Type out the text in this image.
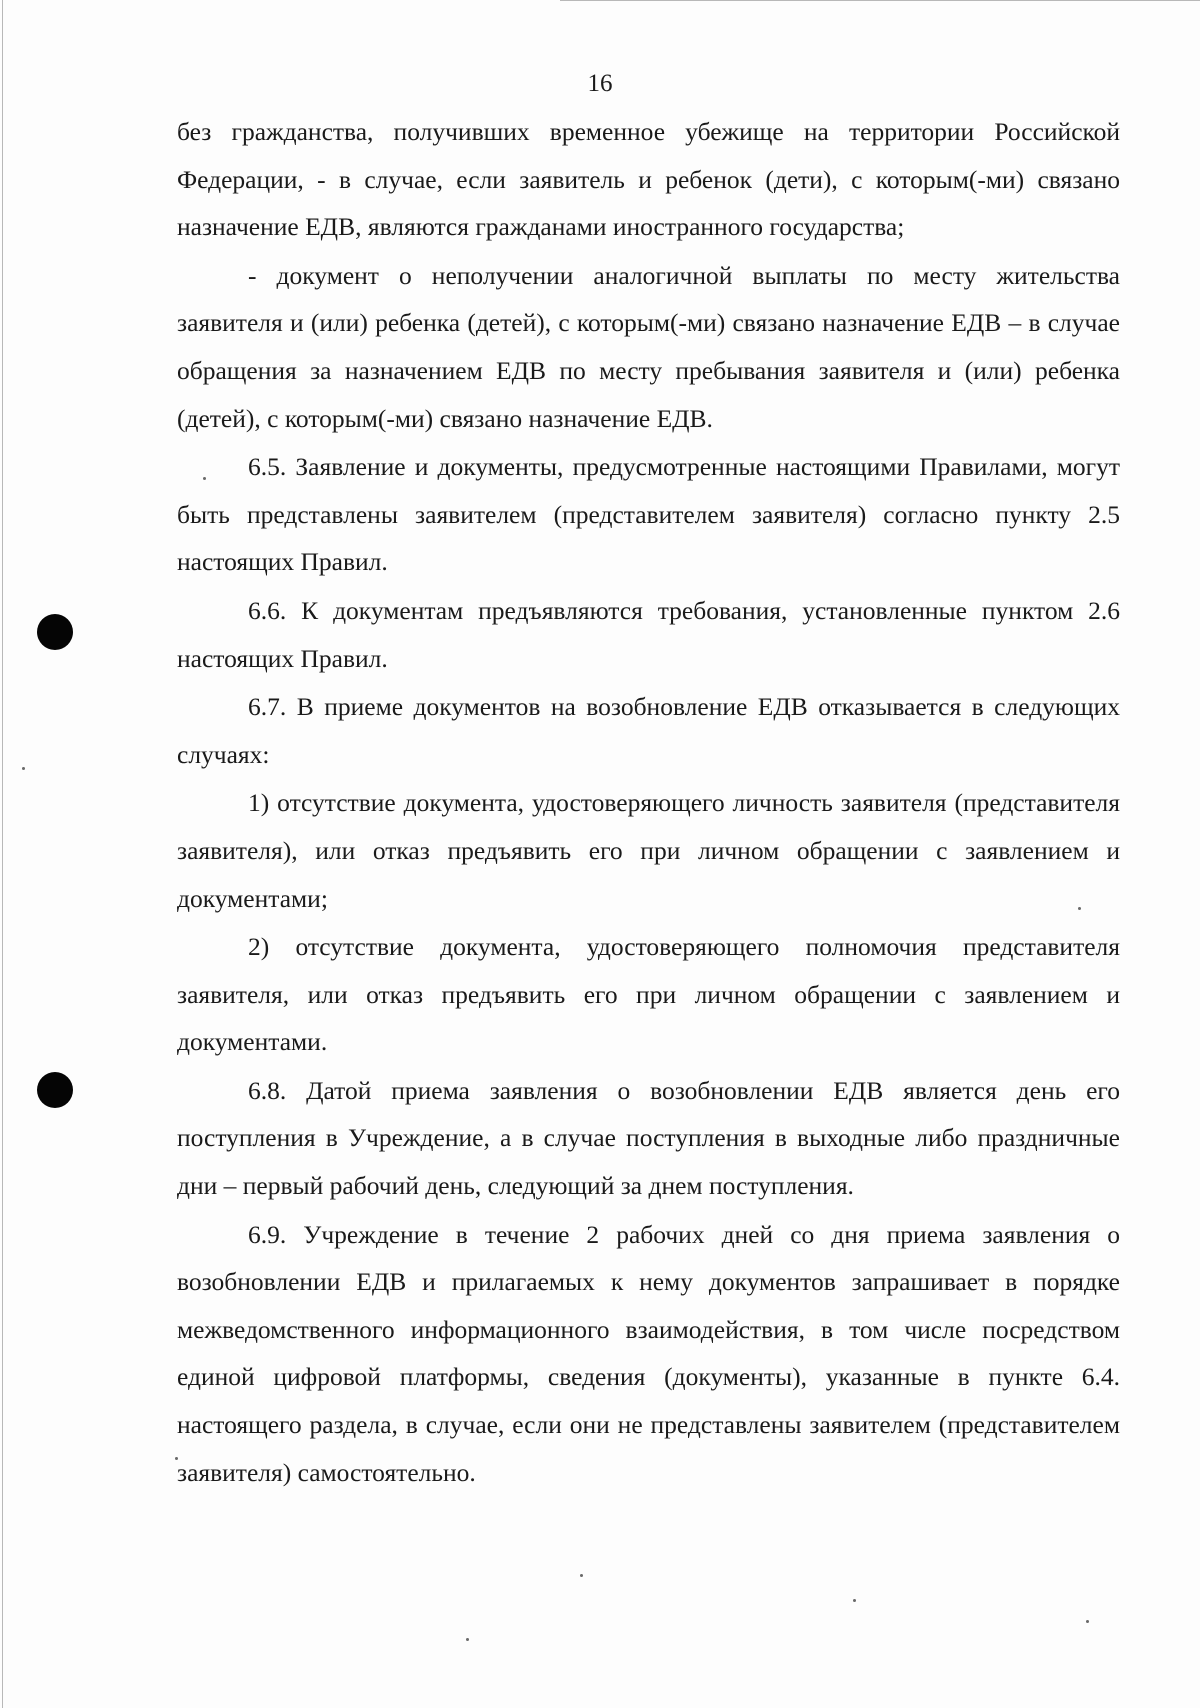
16

без гражданства, получивших временное убежище на территории Российской Федерации, - в случае, если заявитель и ребенок (дети), с которым(-ми) связано назначение ЕДВ, являются гражданами иностранного государства;

- документ о неполучении аналогичной выплаты по месту жительства заявителя и (или) ребенка (детей), с которым(-ми) связано назначение ЕДВ – в случае обращения за назначением ЕДВ по месту пребывания заявителя и (или) ребенка (детей), с которым(-ми) связано назначение ЕДВ.

6.5. Заявление и документы, предусмотренные настоящими Правилами, могут быть представлены заявителем (представителем заявителя) согласно пункту 2.5 настоящих Правил.

6.6. К документам предъявляются требования, установленные пунктом 2.6 настоящих Правил.

6.7. В приеме документов на возобновление ЕДВ отказывается в следующих случаях:

1) отсутствие документа, удостоверяющего личность заявителя (представителя заявителя), или отказ предъявить его при личном обращении с заявлением и документами;

2) отсутствие документа, удостоверяющего полномочия представителя заявителя, или отказ предъявить его при личном обращении с заявлением и документами.

6.8. Датой приема заявления о возобновлении ЕДВ является день его поступления в Учреждение, а в случае поступления в выходные либо праздничные дни – первый рабочий день, следующий за днем поступления.

6.9. Учреждение в течение 2 рабочих дней со дня приема заявления о возобновлении ЕДВ и прилагаемых к нему документов запрашивает в порядке межведомственного информационного взаимодействия, в том числе посредством единой цифровой платформы, сведения (документы), указанные в пункте 6.4. настоящего раздела, в случае, если они не представлены заявителем (представителем заявителя) самостоятельно.
